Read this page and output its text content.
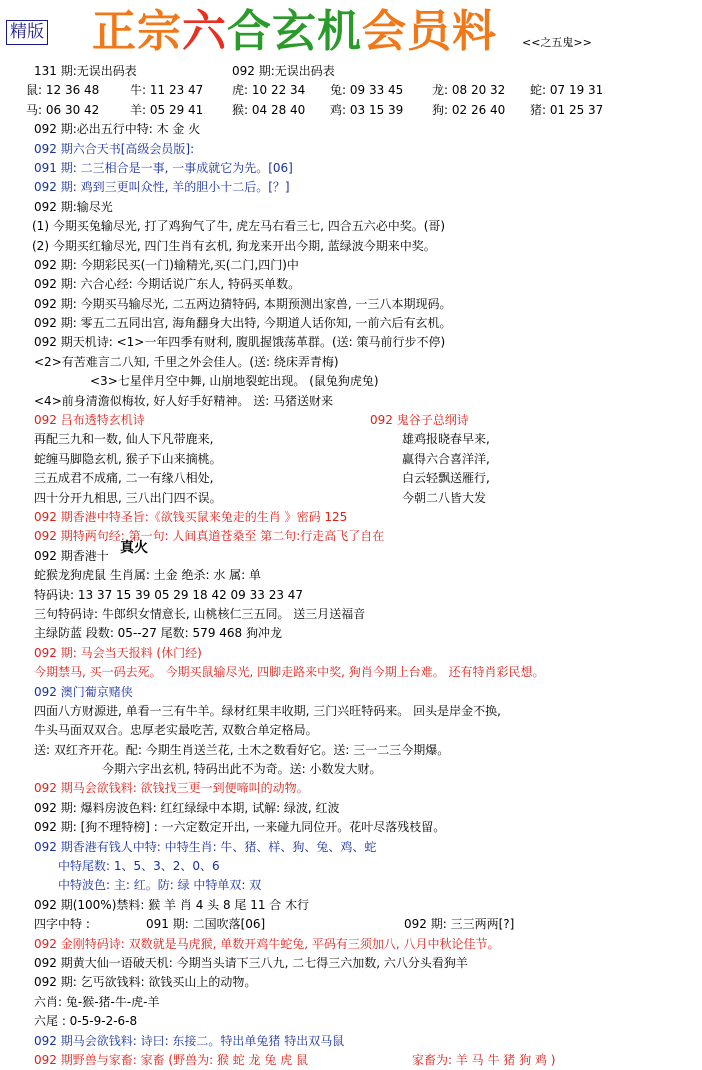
精版 正宗六合玄机会员料 <<之五鬼>>
131 期:无误出码表	092 期:无误出码表
鼠: 12 36 48	牛: 11 23 47 虎: 10 22 34 兔: 09 33 45 龙: 08 20 32 蛇: 07 19 31
马: 06 30 42	羊: 05 29 41 猴: 04 28 40 鸡: 03 15 39 狗: 02 26 40 猪: 01 25 37
092 期:必出五行中特: 木 金 火
092 期六合天书[高级会员版]:
091 期: 二三相合是一事, 一事成就它为先。[06]
092 期: 鸡到三更叫众性, 羊的胆小十二后。[？]
092 期:输尽光
(1) 今期买兔输尽光, 打了鸡狗气了牛, 虎左马右看三七, 四合五六必中奖。(哥)
(2) 今期买红输尽光, 四门生肖有玄机, 狗龙来开出今期, 蓝绿波今期来中奖。
092 期: 今期彩民买(一门)输精光,买(二门,四门)中
092 期: 六合心经: 今期话说广东人, 特码买单数。
092 期: 今期买马输尽光, 二五两边猜特码, 本期预测出家兽, 一三八本期现码。
092 期: 零五二五同出宫, 海角翻身大出特, 今期道人话你知, 一前六后有玄机。
092 期天机诗: <1>一年四季有财利, 腹肌握饿荡革群。(送: 策马前行步不停)
<2>有苦难言二八知, 千里之外会佳人。(送: 绕床弄青梅)
<3>七星伴月空中舞, 山崩地裂蛇出现。 (鼠兔狗虎兔)
<4>前身清澹似梅妆, 好人好手好精神。 送: 马猪送财来
092 吕布透特玄机诗	092 鬼谷子总纲诗
再配三九和一数, 仙人下凡带鹿来,	雄鸡报晓春早来,
蛇缠马脚隐玄机, 猴子下山来摘桃。	赢得六合喜洋洋,
三五成君不成痛, 二一有缘八相处,	白云轻飘送雁行,
四十分开九相思, 三八出门四不误。	今朝二八皆大发
092 期香港中特圣旨:《欲钱买鼠来兔走的生肖 》密码 125
092 期特两句经: 第一句: 人间真道苍桑至 第二句:行走高飞了自在
092 期香港十 真火
蛇猴龙狗虎鼠 生肖属: 土金 绝杀: 水 属: 单
特码诀: 13 37 15 39 05 29 18 42 09 33 23 47
三句特码诗: 牛郎织女情意长, 山桃核仁三五同。 送三月送福音
主绿防蓝 段数: 05--27 尾数: 579 468 狗冲龙
092 期: 马会当天报料 (休门经)
今期禁马, 买一码去死。 今期买鼠输尽光, 四脚走路来中奖, 狗肖今期上台难。 还有特肖彩民想。
092 澳门葡京赌侠
四面八方财源进, 单看一三有牛羊。绿材红果丰收期, 三门兴旺特码来。 回头是岸金不换,
牛头马面双双合。忠厚老实最吃苦, 双数合单定格局。
送: 双红齐开花。配: 今期生肖送兰花, 土木之数看好它。送: 三一二三今期爆。
今期六字出玄机, 特码出此不为奇。送: 小数发大财。
092 期马会欲钱料: 欲钱找三更一到便啼叫的动物。
092 期: 爆料房波色料: 红红绿绿中本期, 试解: 绿波, 红波
092 期: [狗不理特榜] : 一六定数定开出, 一来碰九同位开。花叶尽落残枝留。
092 期香港有钱人中特: 中特生肖: 牛、猪、样、狗、兔、鸡、蛇
中特尾数: 1、5、3、2、0、6
中特波色: 主: 红。防: 绿 中特单双: 双
092 期(100%)禁料: 猴 羊 肖 4 头 8 尾 11 合 木行
四字中特 :	091 期: 二国吹落[06]	092 期: 三三两两[?]
092 金刚特码诗: 双数就是马虎猴, 单数开鸡牛蛇兔, 平码有三须加八, 八月中秋论佳节。
092 期黄大仙一语破天机: 今期当头请下三八九, 二七得三六加数, 六八分头看狗羊
092 期: 乞丐欲钱料: 欲钱买山上的动物。
六肖: 兔-猴-猪-牛-虎-羊
六尾 : 0-5-9-2-6-8
092 期马会欲钱料: 诗曰: 东接二。特出单兔猪 特出双马鼠
092 期野兽与家畜: 家畜 (野兽为: 猴 蛇 龙 兔 虎 鼠	家畜为: 羊 马 牛 猪 狗 鸡 )
